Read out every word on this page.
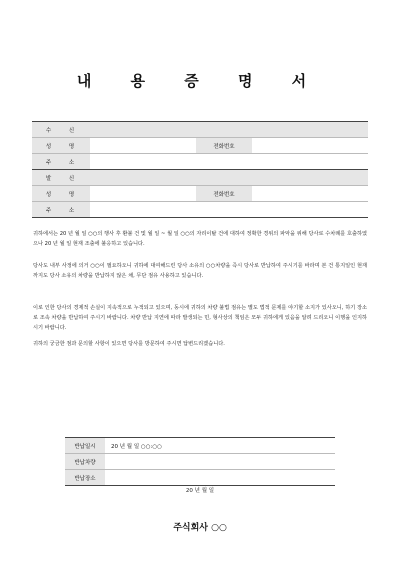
내 용 증 명 서
수 신			
성 명		전화번호	
주 소			
발 신			
성 명		전화번호	
주 소			

귀하에서는 20 년 월 일 ○○의 행사 후 환불 건 및 월 일 ~ 월 일 ○○의 자리이탈 건에 대하여 정확한 경위의 파악을 위해 당사로 수차례를 호출하였으나 20 년 월 일 현재 조출에 불응하고 있습니다.

당사도 내부 사정에 의거 ○○이 필요하오니 귀하에 대여해드린 당사 소유의 ○○차량을 즉시 당사로 반납하여 주시기를 바라며 본 건 통지일인 현재까지도 당사 소유의 차량을 반납하지 않은 채, 무단 점유 사용하고 있습니다.

이로 인한 당사의 경제적 손실이 지속적으로 누적되고 있으며, 동시에 귀하의 차량 불법 점유는 별도 법적 문제를 야기할 소지가 있사오니, 하기 장소로 조속 차량을 반납하여 주시기 바랍니다. 차량 반납 지연에 따라 발생되는 민, 형사상의 책임은 모두 귀하에게 있음을 알려 드리오니 이행을 인지하시기 바랍니다.

귀하의 궁금한 점과 문의할 사항이 있으면 당사를 방문하여 주시면 답변드리겠습니다.

반납일시	20 년 월 일 ○○:○○
반납차량	
반납장소	
20 년 월 일
주식회사 ○○
